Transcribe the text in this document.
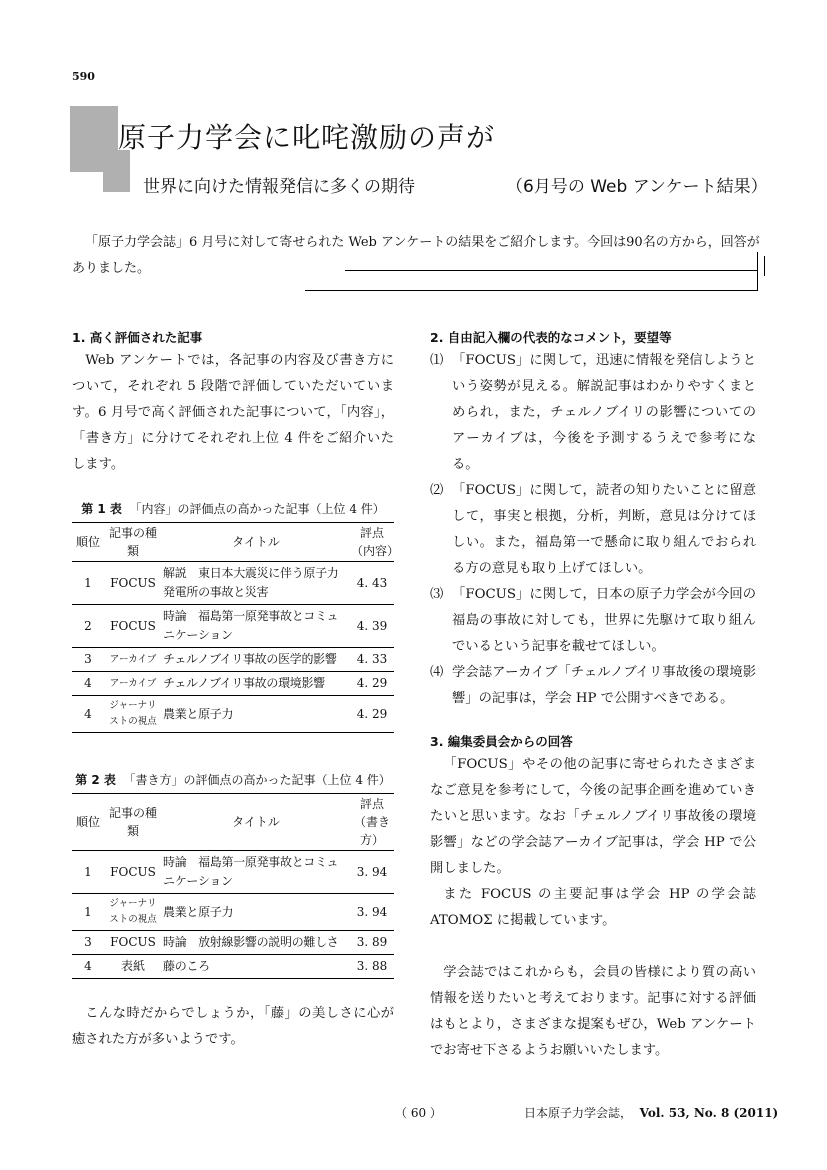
590
原子力学会に叱咤激励の声が
世界に向けた情報発信に多くの期待	（6月号の Web アンケート結果）
「原子力学会誌」6 月号に対して寄せられた Web アンケートの結果をご紹介します。今回は90名の方から，回答がありました。
1. 高く評価された記事

Web アンケートでは，各記事の内容及び書き方について，それぞれ 5 段階で評価していただいています。6 月号で高く評価された記事について，「内容」，「書き方」に分けてそれぞれ上位 4 件をご紹介いたします。

第 1 表 「内容」の評価点の高かった記事（上位 4 件）
順位	記事の種類	タイトル	評点（内容）
1	FOCUS	解説　東日本大震災に伴う原子力発電所の事故と災害	4. 43
2	FOCUS	時論　福島第一原発事故とコミュニケーション	4. 39
3	アーカイブ	チェルノブイリ事故の医学的影響	4. 33
4	アーカイブ	チェルノブイリ事故の環境影響	4. 29
4	ジャーナリストの視点	農業と原子力	4. 29
第 2 表 「書き方」の評価点の高かった記事（上位 4 件）
順位	記事の種類	タイトル	評点（書き方）
1	FOCUS	時論　福島第一原発事故とコミュニケーション	3. 94
1	ジャーナリストの視点	農業と原子力	3. 94
3	FOCUS	時論　放射線影響の説明の難しさ	3. 89
4	表紙	藤のころ	3. 88

こんな時だからでしょうか，「藤」の美しさに心が癒された方が多いようです。

2. 自由記入欄の代表的なコメント，要望等
⑴ 「FOCUS」に関して，迅速に情報を発信しようという姿勢が見える。解説記事はわかりやすくまとめられ，また，チェルノブイリの影響についてのアーカイブは，今後を予測するうえで参考になる。
⑵ 「FOCUS」に関して，読者の知りたいことに留意して，事実と根拠，分析，判断，意見は分けてほしい。また，福島第一で懸命に取り組んでおられる方の意見も取り上げてほしい。
⑶ 「FOCUS」に関して，日本の原子力学会が今回の福島の事故に対しても，世界に先駆けて取り組んでいるという記事を載せてほしい。
⑷ 学会誌アーカイブ「チェルノブイリ事故後の環境影響」の記事は，学会 HP で公開すべきである。
3. 編集委員会からの回答

「FOCUS」やその他の記事に寄せられたさまざまなご意見を参考にして，今後の記事企画を進めていきたいと思います。なお「チェルノブイリ事故後の環境影響」などの学会誌アーカイブ記事は，学会 HP で公開しました。

また FOCUS の主要記事は学会 HP の学会誌 ATOMOΣ に掲載しています。

学会誌ではこれからも，会員の皆様により質の高い情報を送りたいと考えております。記事に対する評価はもとより，さまざまな提案もぜひ，Web アンケートでお寄せ下さるようお願いいたします。

（ 60 ）	日本原子力学会誌， Vol. 53, No. 8 (2011)
